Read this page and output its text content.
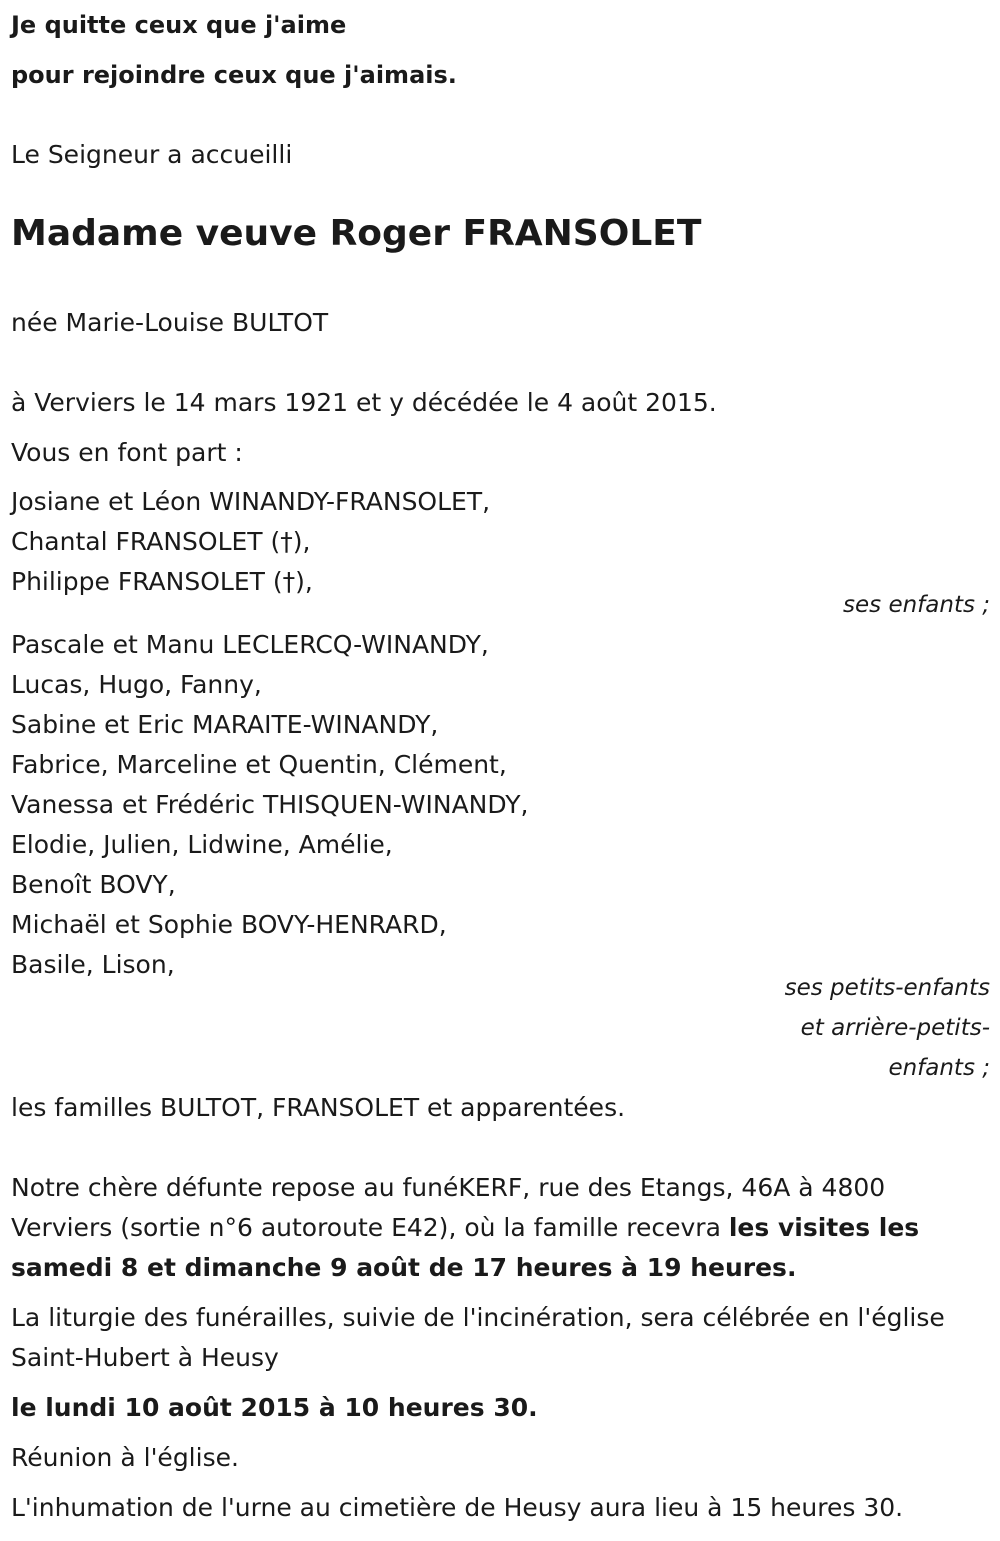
Je quitte ceux que j'aime
pour rejoindre ceux que j'aimais.
Le Seigneur a accueilli
Madame veuve Roger FRANSOLET
née Marie-Louise BULTOT
à Verviers le 14 mars 1921 et y décédée le 4 août 2015.
Vous en font part :
Josiane et Léon WINANDY-FRANSOLET,
Chantal FRANSOLET (†),
Philippe FRANSOLET (†),
ses enfants ;
Pascale et Manu LECLERCQ-WINANDY,
Lucas, Hugo, Fanny,
Sabine et Eric MARAITE-WINANDY,
Fabrice, Marceline et Quentin, Clément,
Vanessa et Frédéric THISQUEN-WINANDY,
Elodie, Julien, Lidwine, Amélie,
Benoît BOVY,
Michaël et Sophie BOVY-HENRARD,
Basile, Lison,
ses petits-enfants
et arrière-petits-
enfants ;
les familles BULTOT, FRANSOLET et apparentées.
Notre chère défunte repose au funéKERF, rue des Etangs, 46A à 4800
Verviers (sortie n°6 autoroute E42), où la famille recevra les visites les
samedi 8 et dimanche 9 août de 17 heures à 19 heures.
La liturgie des funérailles, suivie de l'incinération, sera célébrée en l'église
Saint-Hubert à Heusy
le lundi 10 août 2015 à 10 heures 30.
Réunion à l'église.
L'inhumation de l'urne au cimetière de Heusy aura lieu à 15 heures 30.
